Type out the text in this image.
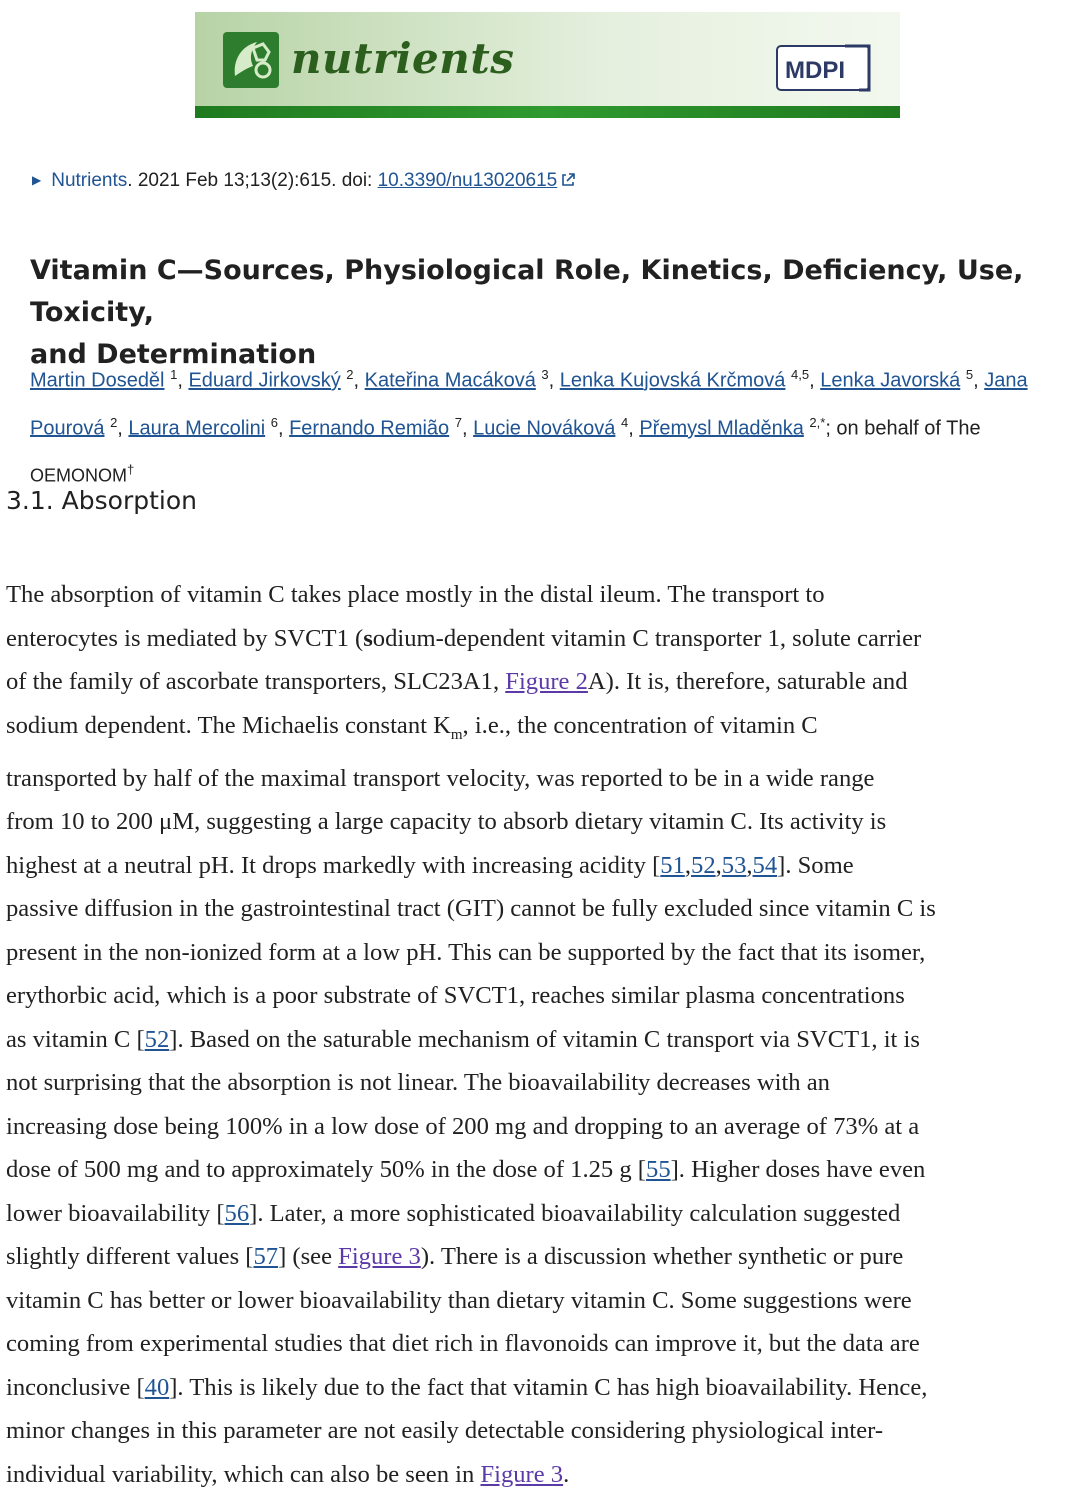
nutrients	MDPI
▶ Nutrients. 2021 Feb 13;13(2):615. doi: 10.3390/nu13020615
Vitamin C—Sources, Physiological Role, Kinetics, Deficiency, Use, Toxicity,
and Determination
Martin Doseděl $^1$, Eduard Jirkovský $^2$, Kateřina Macáková $^3$, Lenka Kujovská Krčmová $^{4,5}$, Lenka Javorská $^5$, Jana
Pourová $^2$, Laura Mercolini $^6$, Fernando Remião $^7$, Lucie Nováková $^4$, Přemysl Mladěnka $^{2,*}$; on behalf of The
OEMONOM†
3.1. Absorption

The absorption of vitamin C takes place mostly in the distal ileum. The transport to
enterocytes is mediated by SVCT1 (sodium-dependent vitamin C transporter 1, solute carrier
of the family of ascorbate transporters, SLC23A1, Figure 2A). It is, therefore, saturable and
sodium dependent. The Michaelis constant $K_m$, i.e., the concentration of vitamin C
transported by half of the maximal transport velocity, was reported to be in a wide range
from 10 to 200 μM, suggesting a large capacity to absorb dietary vitamin C. Its activity is
highest at a neutral pH. It drops markedly with increasing acidity [51,52,53,54]. Some
passive diffusion in the gastrointestinal tract (GIT) cannot be fully excluded since vitamin C is
present in the non-ionized form at a low pH. This can be supported by the fact that its isomer,
erythorbic acid, which is a poor substrate of SVCT1, reaches similar plasma concentrations
as vitamin C [52]. Based on the saturable mechanism of vitamin C transport via SVCT1, it is
not surprising that the absorption is not linear. The bioavailability decreases with an
increasing dose being 100% in a low dose of 200 mg and dropping to an average of 73% at a
dose of 500 mg and to approximately 50% in the dose of 1.25 g [55]. Higher doses have even
lower bioavailability [56]. Later, a more sophisticated bioavailability calculation suggested
slightly different values [57] (see Figure 3). There is a discussion whether synthetic or pure
vitamin C has better or lower bioavailability than dietary vitamin C. Some suggestions were
coming from experimental studies that diet rich in flavonoids can improve it, but the data are
inconclusive [40]. This is likely due to the fact that vitamin C has high bioavailability. Hence,
minor changes in this parameter are not easily detectable considering physiological inter-
individual variability, which can also be seen in Figure 3.
